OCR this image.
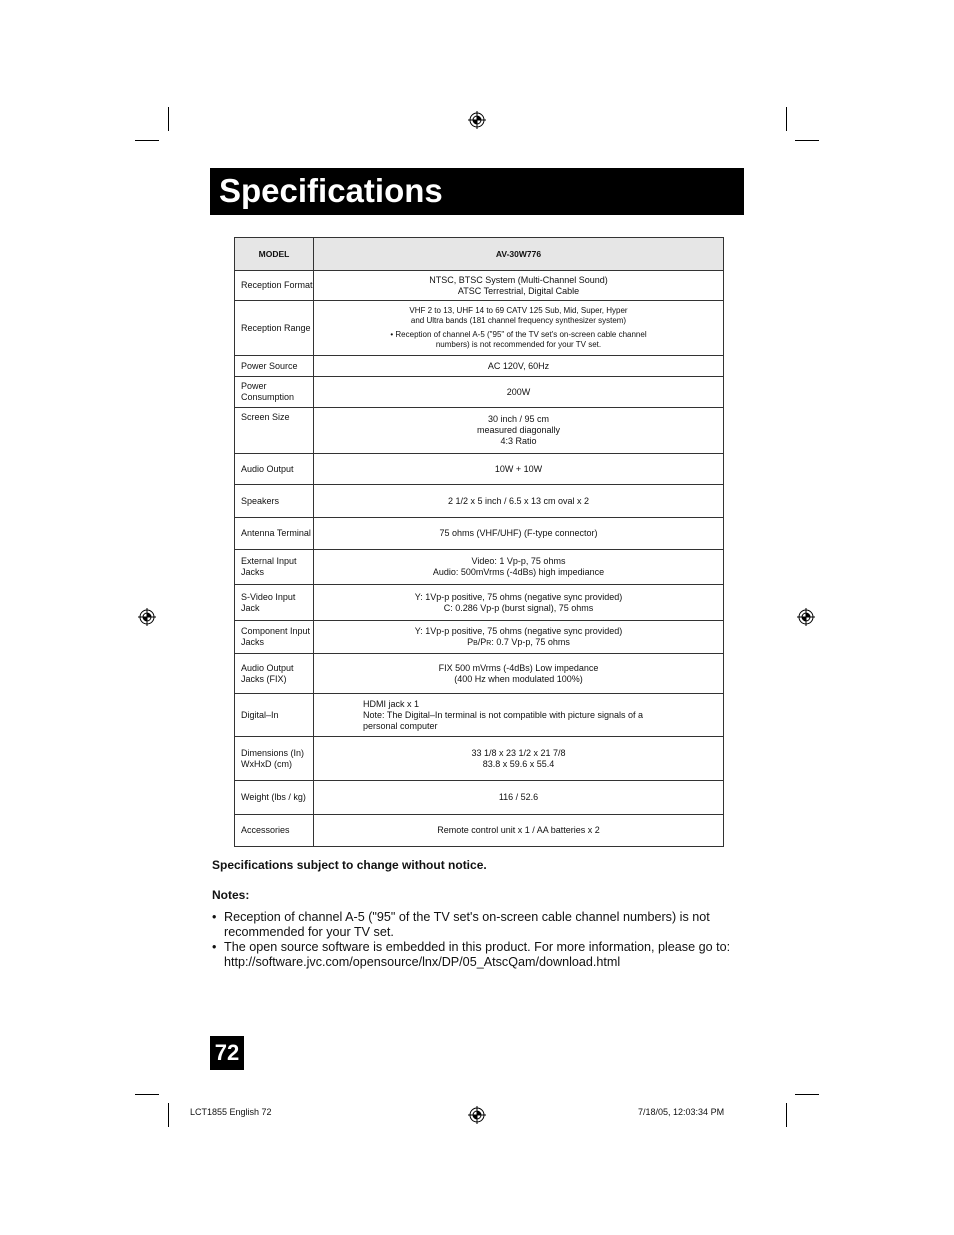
Specifications
MODEL	AV-30W776
Reception Format	NTSC, BTSC System (Multi-Channel Sound)
ATSC Terrestrial, Digital Cable

Reception Range	VHF 2 to 13, UHF 14 to 69 CATV 125 Sub, Mid, Super, Hyper
and Ultra bands (181 channel frequency synthesizer system)
• Reception of channel A-5 ("95" of the TV set's on-screen cable channel
numbers) is not recommended for your TV set.

Power Source	AC 120V, 60Hz
Power Consumption	200W
Screen Size	30 inch / 95 cm
measured diagonally
4:3 Ratio

Audio Output	10W + 10W
Speakers	2 1/2 x 5 inch / 6.5 x 13 cm oval x 2
Antenna Terminal	75 ohms (VHF/UHF) (F-type connector)
External Input Jacks	Video: 1 Vp-p, 75 ohms
Audio: 500mVrms (-4dBs) high impediance

S-Video Input Jack	Y: 1Vp-p positive, 75 ohms (negative sync provided)
C: 0.286 Vp-p (burst signal), 75 ohms

Component Input Jacks	Y: 1Vp-p positive, 75 ohms (negative sync provided)
PB/PR: 0.7 Vp-p, 75 ohms

Audio Output Jacks (FIX)	FIX 500 mVrms (-4dBs) Low impedance
(400 Hz when modulated 100%)

Digital–In	HDMI jack x 1
Note: The Digital–In terminal is not compatible with picture signals of a
personal computer

Dimensions (In) WxHxD (cm)	33 1/8 x 23 1/2 x 21 7/8
83.8 x 59.6 x 55.4

Weight (lbs / kg)	116 / 52.6
Accessories	Remote control unit x 1 / AA batteries x 2
Specifications subject to change without notice.
Notes:
• Reception of channel A-5 ("95" of the TV set's on-screen cable channel numbers) is not recommended for your TV set.
• The open source software is embedded in this product. For more information, please go to: http://software.jvc.com/opensource/lnx/DP/05_AtscQam/download.html
72
LCT1855 English 72	7/18/05, 12:03:34 PM
